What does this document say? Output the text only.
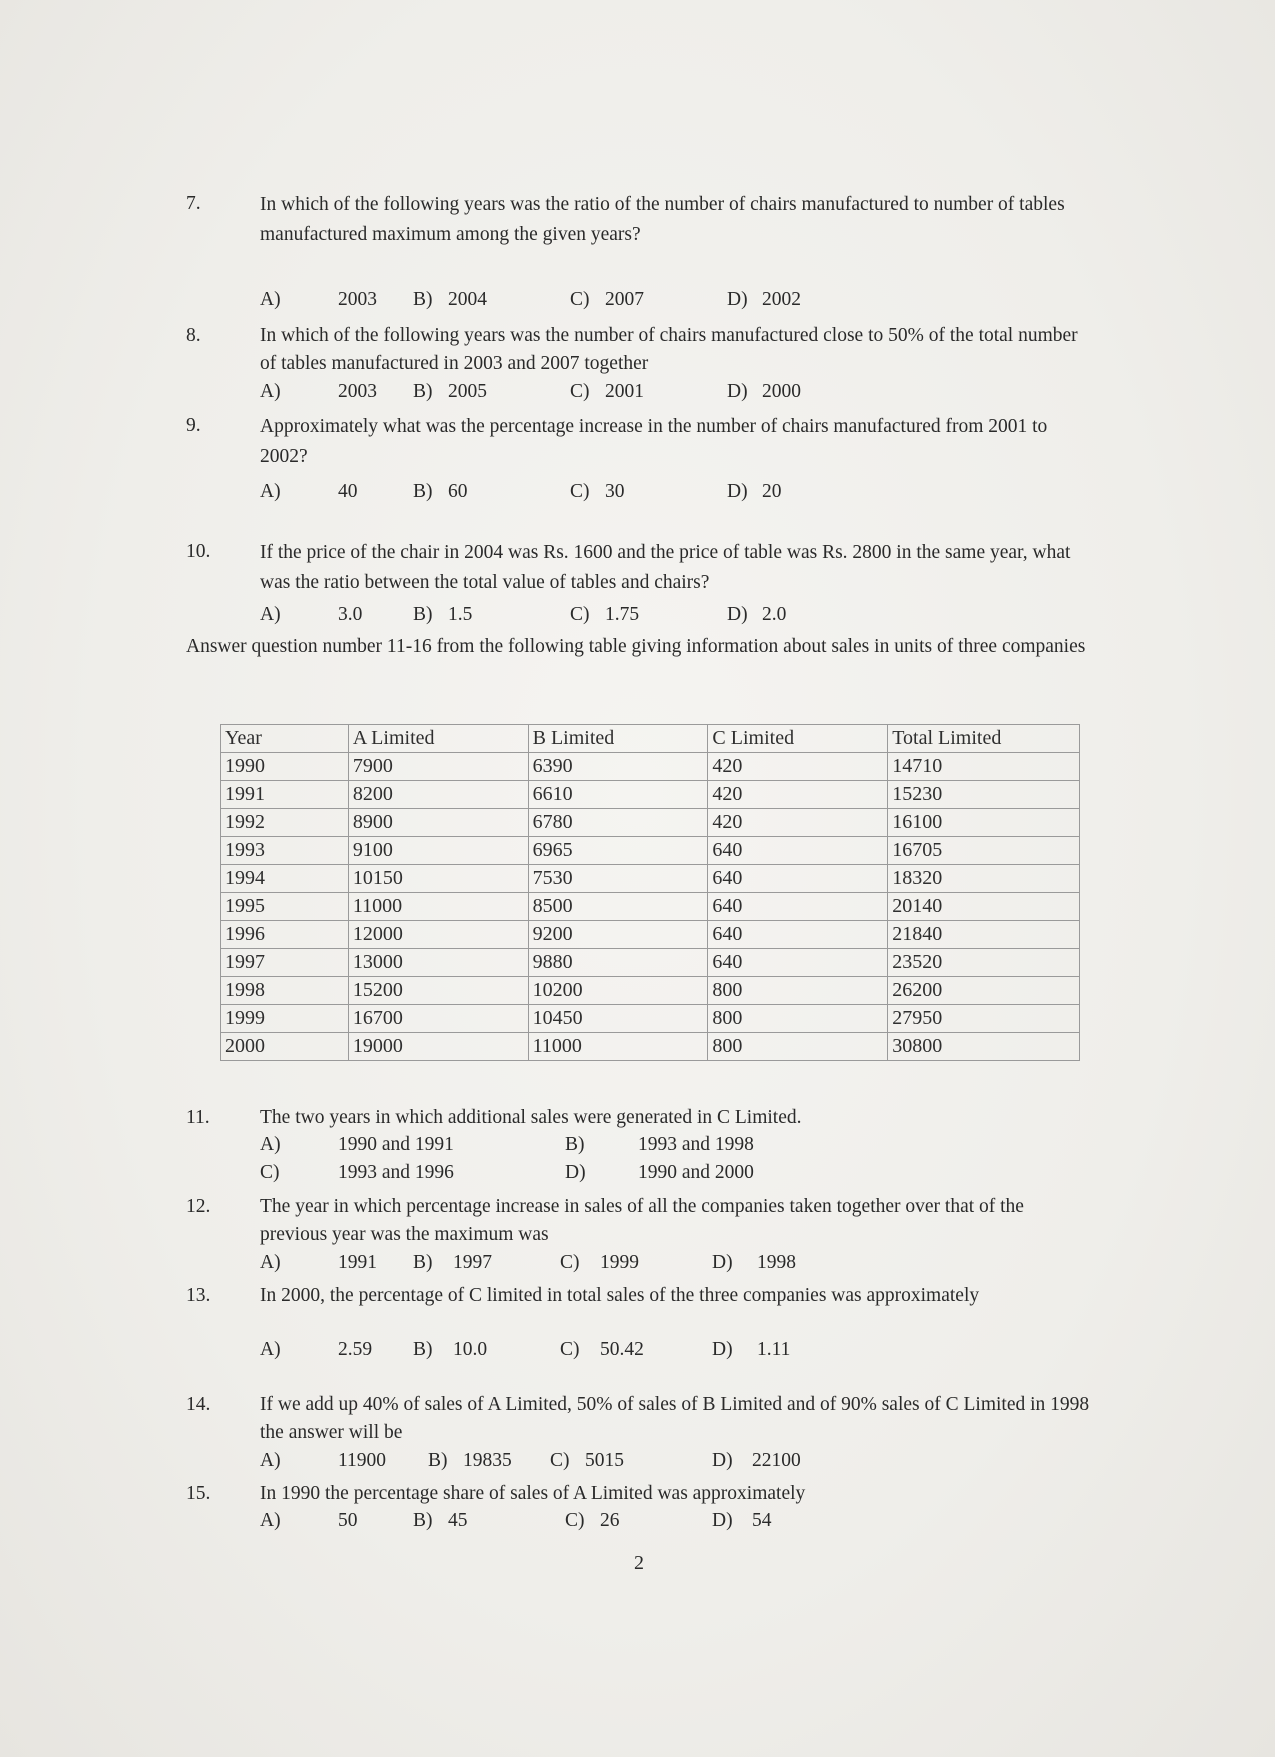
7.	In which of the following years was the ratio of the number of chairs manufactured to number of tables manufactured maximum among the given years?
A)	2003 B) 2004	C) 2007	D) 2002
8.	In which of the following years was the number of chairs manufactured close to 50% of the total number of tables manufactured in 2003 and 2007 together
A)	2003 B) 2005	C) 2001	D) 2000
9.	Approximately what was the percentage increase in the number of chairs manufactured from 2001 to 2002?
A)	40	B) 60	C) 30	D) 20
10.	If the price of the chair in 2004 was Rs. 1600 and the price of table was Rs. 2800 in the same year, what was the ratio between the total value of tables and chairs?
A)	3.0	B) 1.5	C) 1.75	D) 2.0
Answer question number 11-16 from the following table giving information about sales in units of three companies
Year	A Limited	B Limited	C Limited	Total Limited
1990	7900	6390	420	14710
1991	8200	6610	420	15230
1992	8900	6780	420	16100
1993	9100	6965	640	16705
1994	10150	7530	640	18320
1995	11000	8500	640	20140
1996	12000	9200	640	21840
1997	13000	9880	640	23520
1998	15200	10200	800	26200
1999	16700	10450	800	27950
2000	19000	11000	800	30800
11.	The two years in which additional sales were generated in C Limited.
A)	1990 and 1991	B)	1993 and 1998
C)	1993 and 1996	D)	1990 and 2000
12.	The year in which percentage increase in sales of all the companies taken together over that of the previous year was the maximum was
A)	1991 B) 1997	C) 1999	D) 1998
13.	In 2000, the percentage of C limited in total sales of the three companies was approximately
A)	2.59 B) 10.0	C) 50.42	D) 1.11
14.	If we add up 40% of sales of A Limited, 50% of sales of B Limited and of 90% sales of C Limited in 1998 the answer will be
A)	11900 B) 19835 C) 5015	D) 22100
15.	In 1990 the percentage share of sales of A Limited was approximately
A)	50	B) 45	C) 26	D) 54
2
